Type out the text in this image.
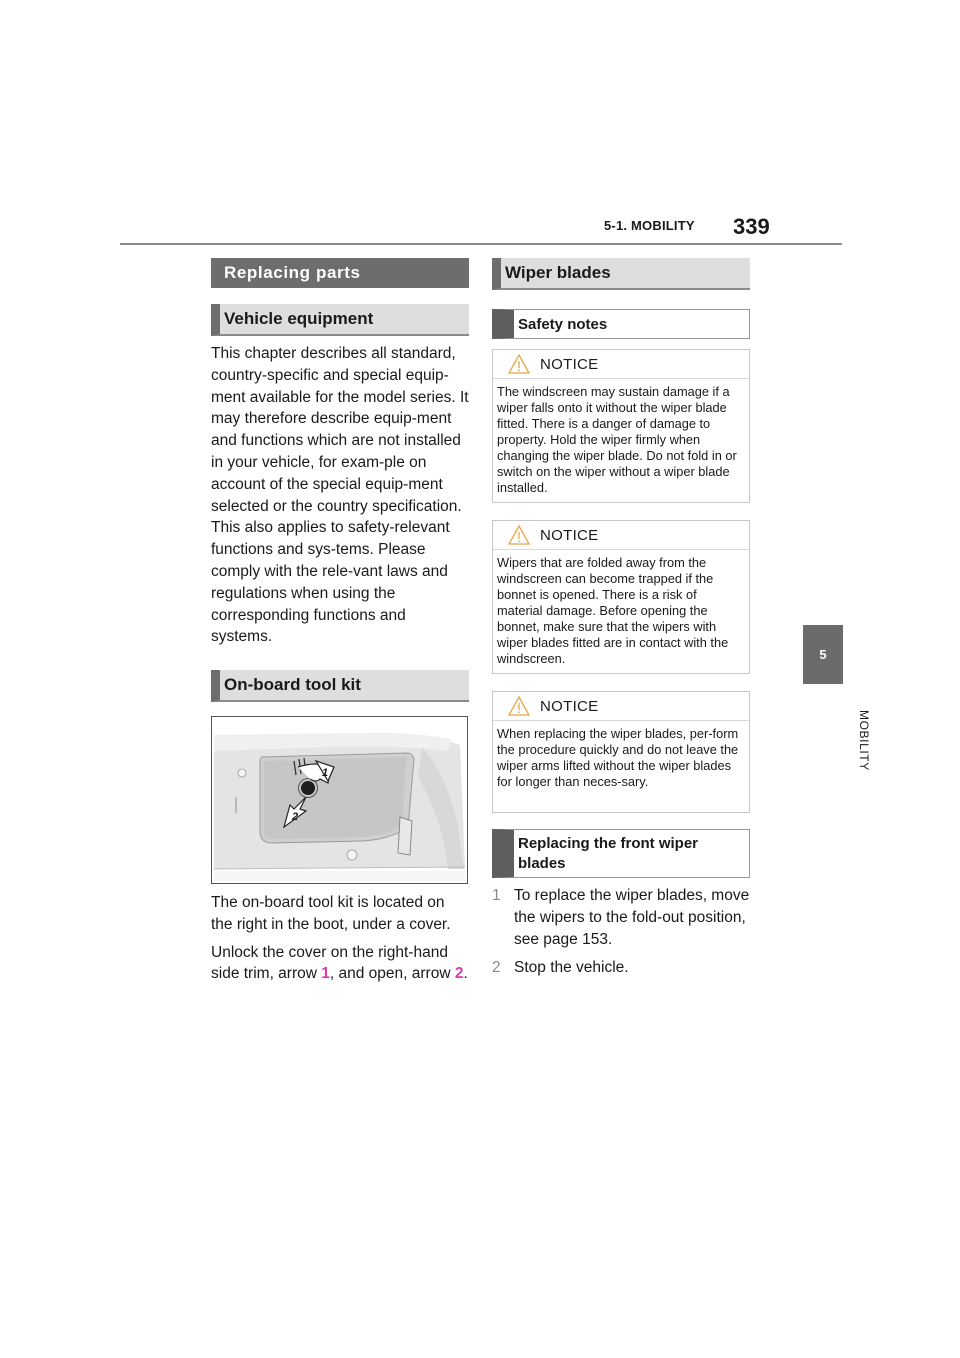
5-1. MOBILITY 339
5
MOBILITY
Replacing parts
Vehicle equipment

This chapter describes all standard, country-specific and special equip-ment available for the model series. It may therefore describe equip-ment and functions which are not installed in your vehicle, for exam-ple on account of the special equip-ment selected or the country specification. This also applies to safety-relevant functions and sys-tems. Please comply with the rele-vant laws and regulations when using the corresponding functions and systems.

On-board tool kit
1
2

The on-board tool kit is located on the right in the boot, under a cover.

Unlock the cover on the right-hand side trim, arrow 1, and open, arrow 2.

Wiper blades
Safety notes
NOTICE
The windscreen may sustain damage if a wiper falls onto it without the wiper blade fitted. There is a danger of damage to property. Hold the wiper firmly when changing the wiper blade. Do not fold in or switch on the wiper without a wiper blade installed.
NOTICE
Wipers that are folded away from the windscreen can become trapped if the bonnet is opened. There is a risk of material damage. Before opening the bonnet, make sure that the wipers with wiper blades fitted are in contact with the windscreen.
NOTICE
When replacing the wiper blades, per-form the procedure quickly and do not leave the wiper arms lifted without the wiper blades for longer than neces-sary.
Replacing the front wiper blades
1 To replace the wiper blades, move the wipers to the fold-out position, see page 153.
2 Stop the vehicle.
